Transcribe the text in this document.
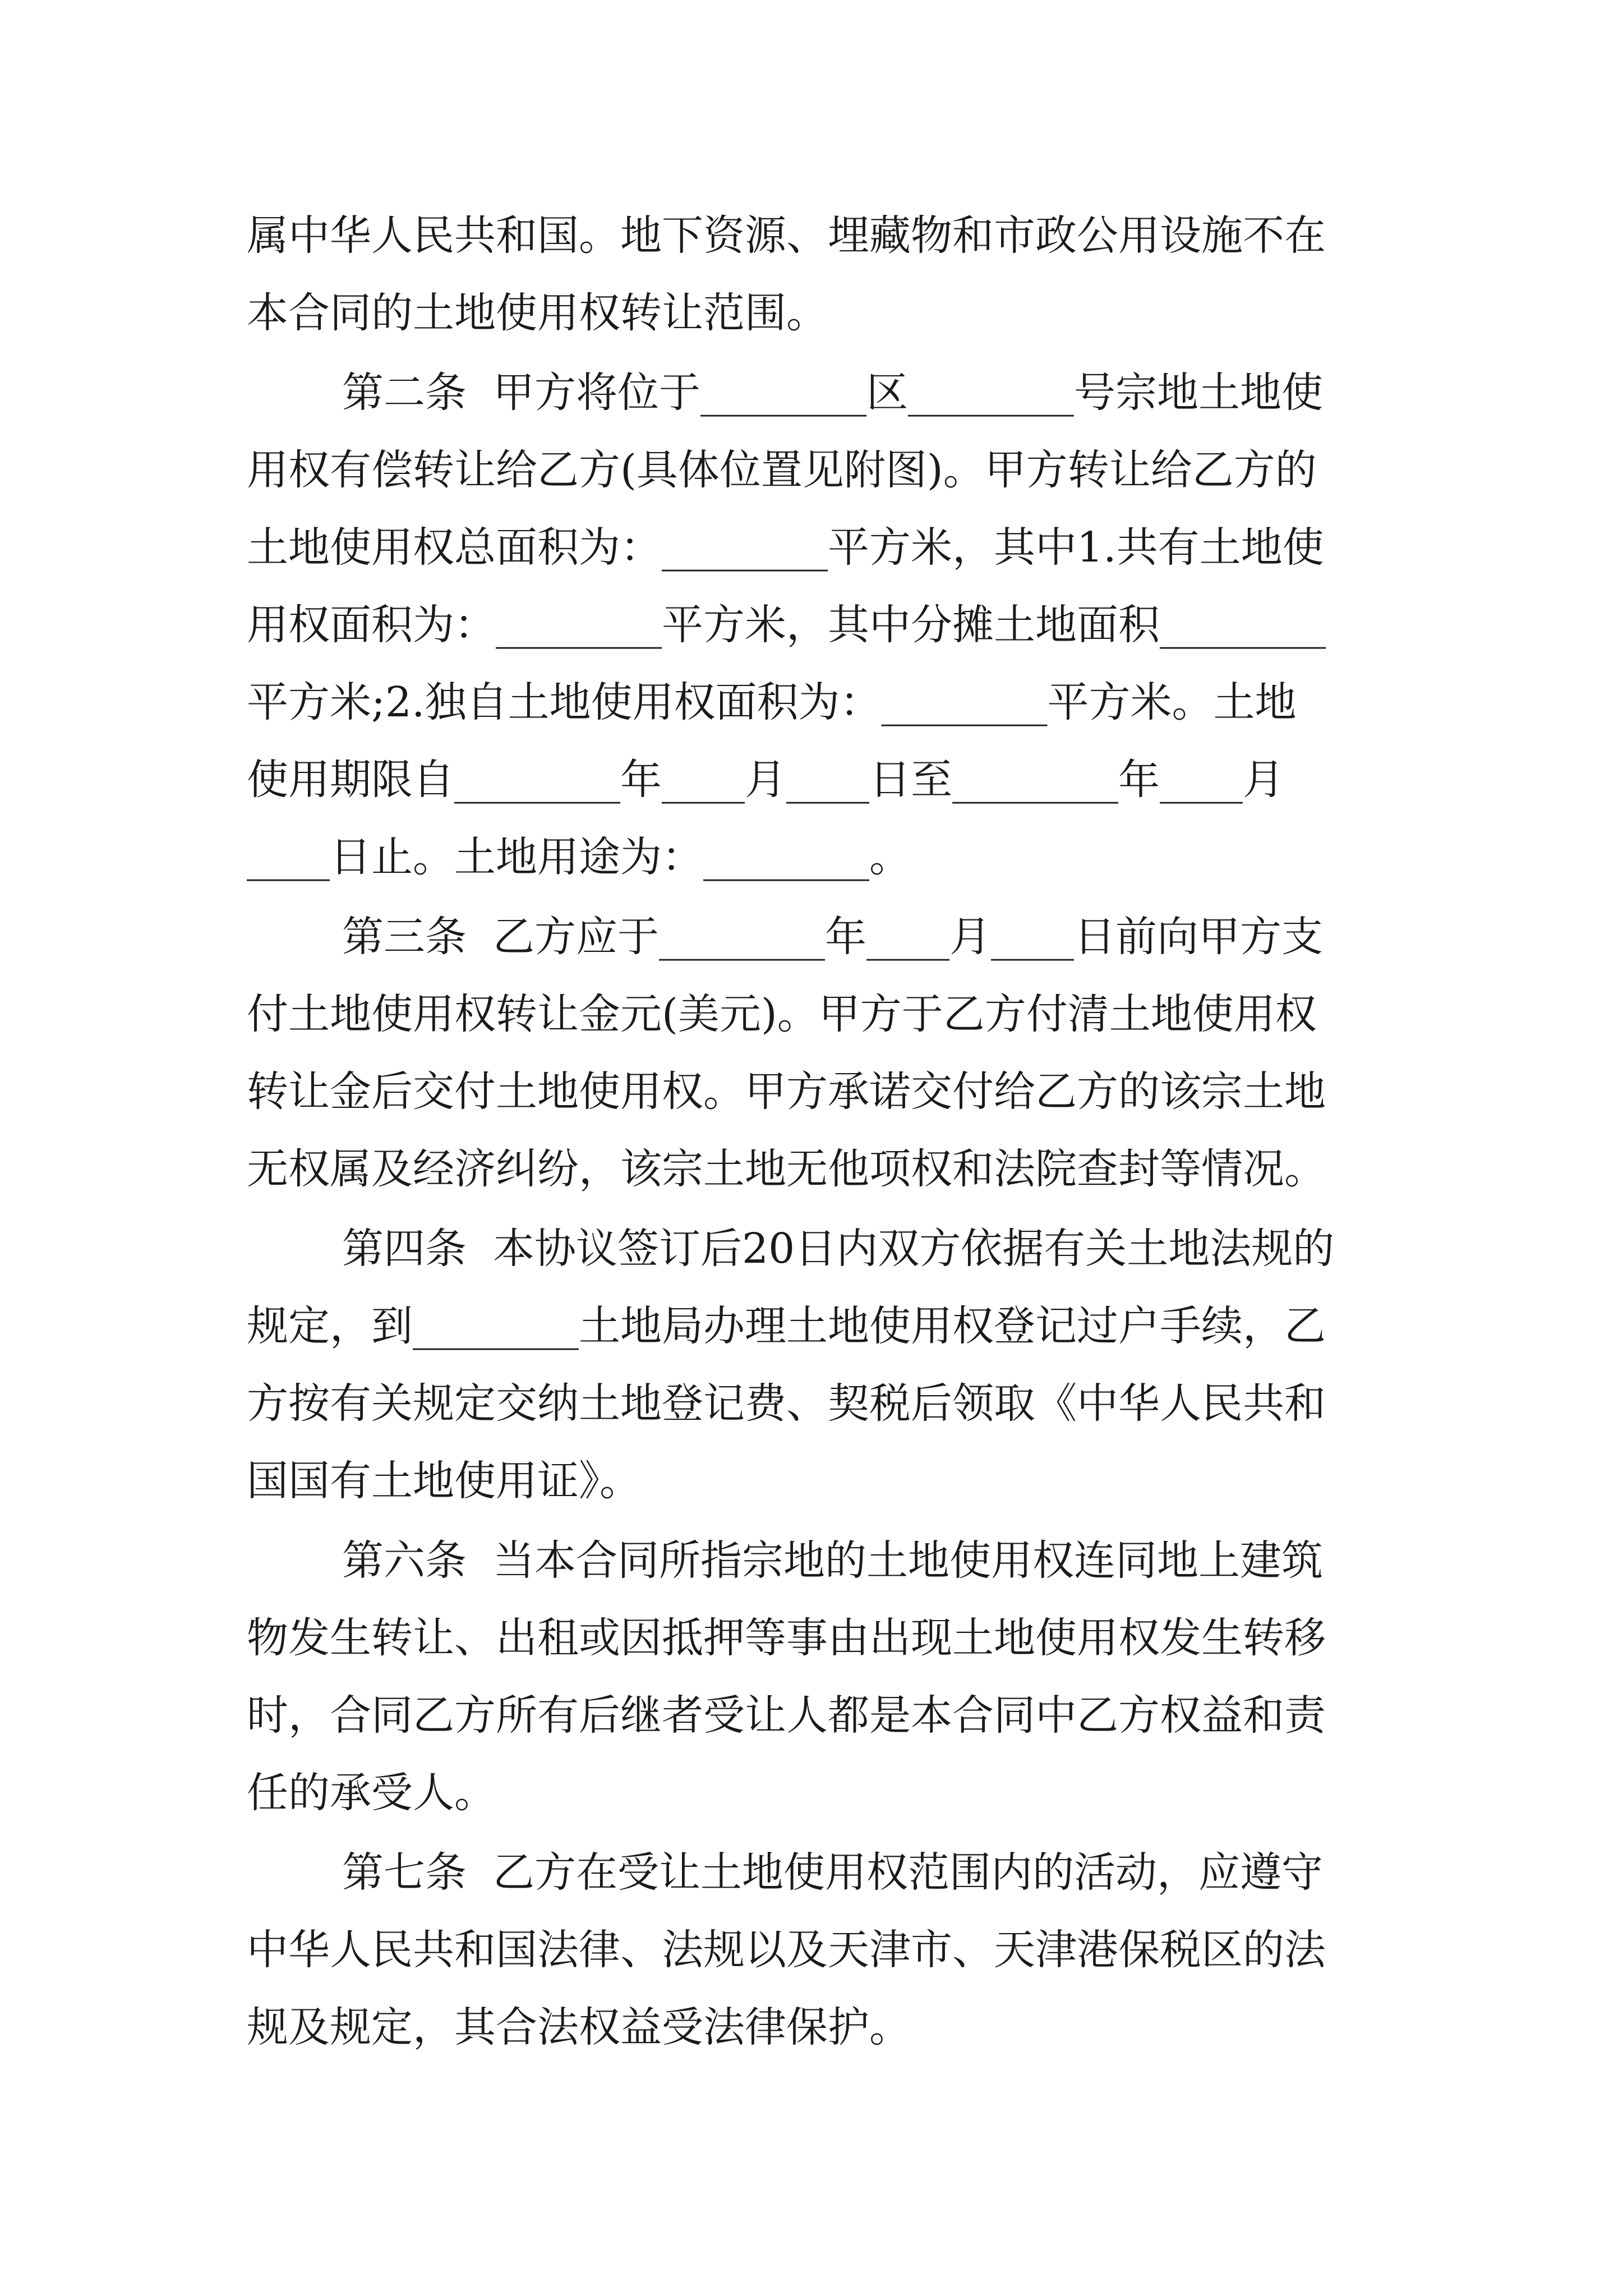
属中华人民共和国。地下资源、埋藏物和市政公用设施不在
本合同的土地使用权转让范围。
第二条  甲方将位于________区________号宗地土地使
用权有偿转让给乙方(具体位置见附图)。甲方转让给乙方的
土地使用权总面积为：________平方米，其中1.共有土地使
用权面积为：________平方米，其中分摊土地面积________
平方米;2.独自土地使用权面积为：________平方米。土地
使用期限自________年____月____日至________年____月
____日止。土地用途为：________。
第三条  乙方应于________年____月____日前向甲方支
付土地使用权转让金元(美元)。甲方于乙方付清土地使用权
转让金后交付土地使用权。甲方承诺交付给乙方的该宗土地
无权属及经济纠纷，该宗土地无他项权和法院查封等情况。
第四条  本协议签订后20日内双方依据有关土地法规的
规定，到________土地局办理土地使用权登记过户手续，乙
方按有关规定交纳土地登记费、契税后领取《中华人民共和
国国有土地使用证》。
第六条  当本合同所指宗地的土地使用权连同地上建筑
物发生转让、出租或因抵押等事由出现土地使用权发生转移
时，合同乙方所有后继者受让人都是本合同中乙方权益和责
任的承受人。
第七条  乙方在受让土地使用权范围内的活动，应遵守
中华人民共和国法律、法规以及天津市、天津港保税区的法
规及规定，其合法权益受法律保护。
